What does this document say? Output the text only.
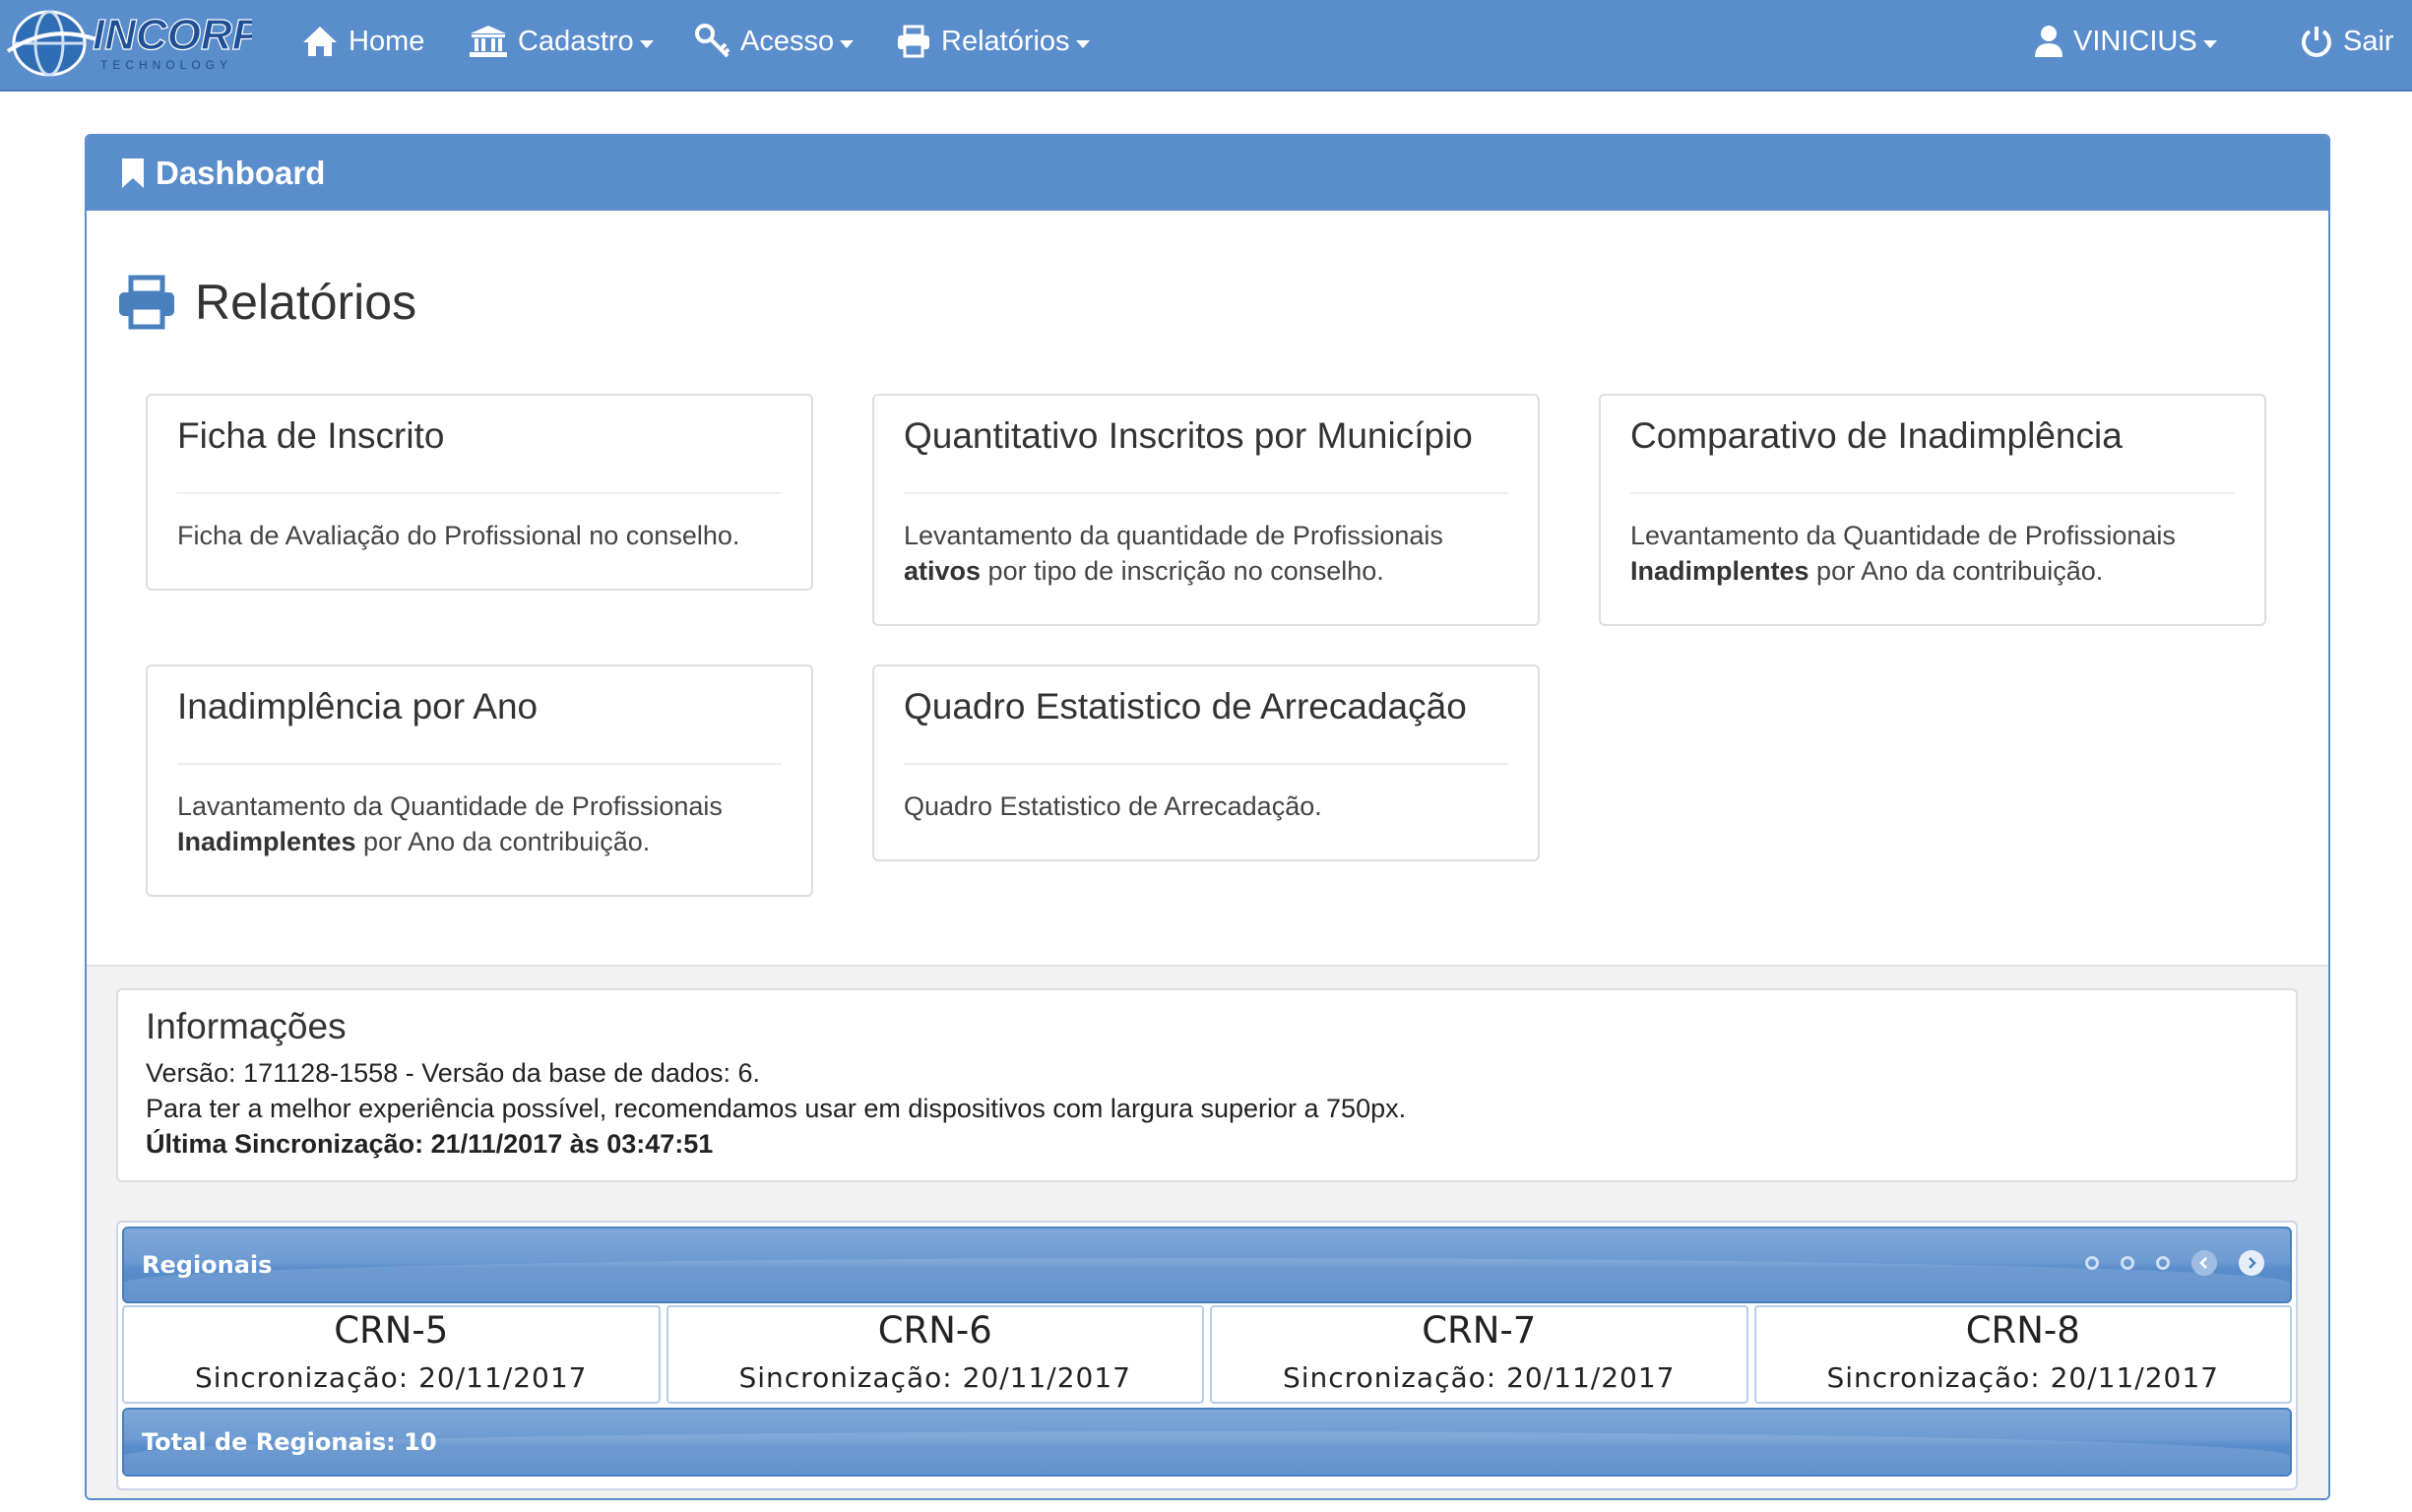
INCORP
TECHNOLOGY
Home	Cadastro	Acesso	Relatórios	VINICIUS	Sair
Dashboard
Relatórios
Ficha de Inscrito
Ficha de Avaliação do Profissional no conselho.
Quantitativo Inscritos por Município
Levantamento da quantidade de Profissionais ativos por tipo de inscrição no conselho.
Comparativo de Inadimplência
Levantamento da Quantidade de Profissionais Inadimplentes por Ano da contribuição.
Inadimplência por Ano
Lavantamento da Quantidade de Profissionais Inadimplentes por Ano da contribuição.
Quadro Estatistico de Arrecadação
Quadro Estatistico de Arrecadação.
Informações
Versão: 171128-1558 - Versão da base de dados: 6.
Para ter a melhor experiência possível, recomendamos usar em dispositivos com largura superior a 750px.
Última Sincronização: 21/11/2017 às 03:47:51
Regionais
CRN-5
Sincronização: 20/11/2017
CRN-6
Sincronização: 20/11/2017
CRN-7
Sincronização: 20/11/2017
CRN-8
Sincronização: 20/11/2017
Total de Regionais: 10
